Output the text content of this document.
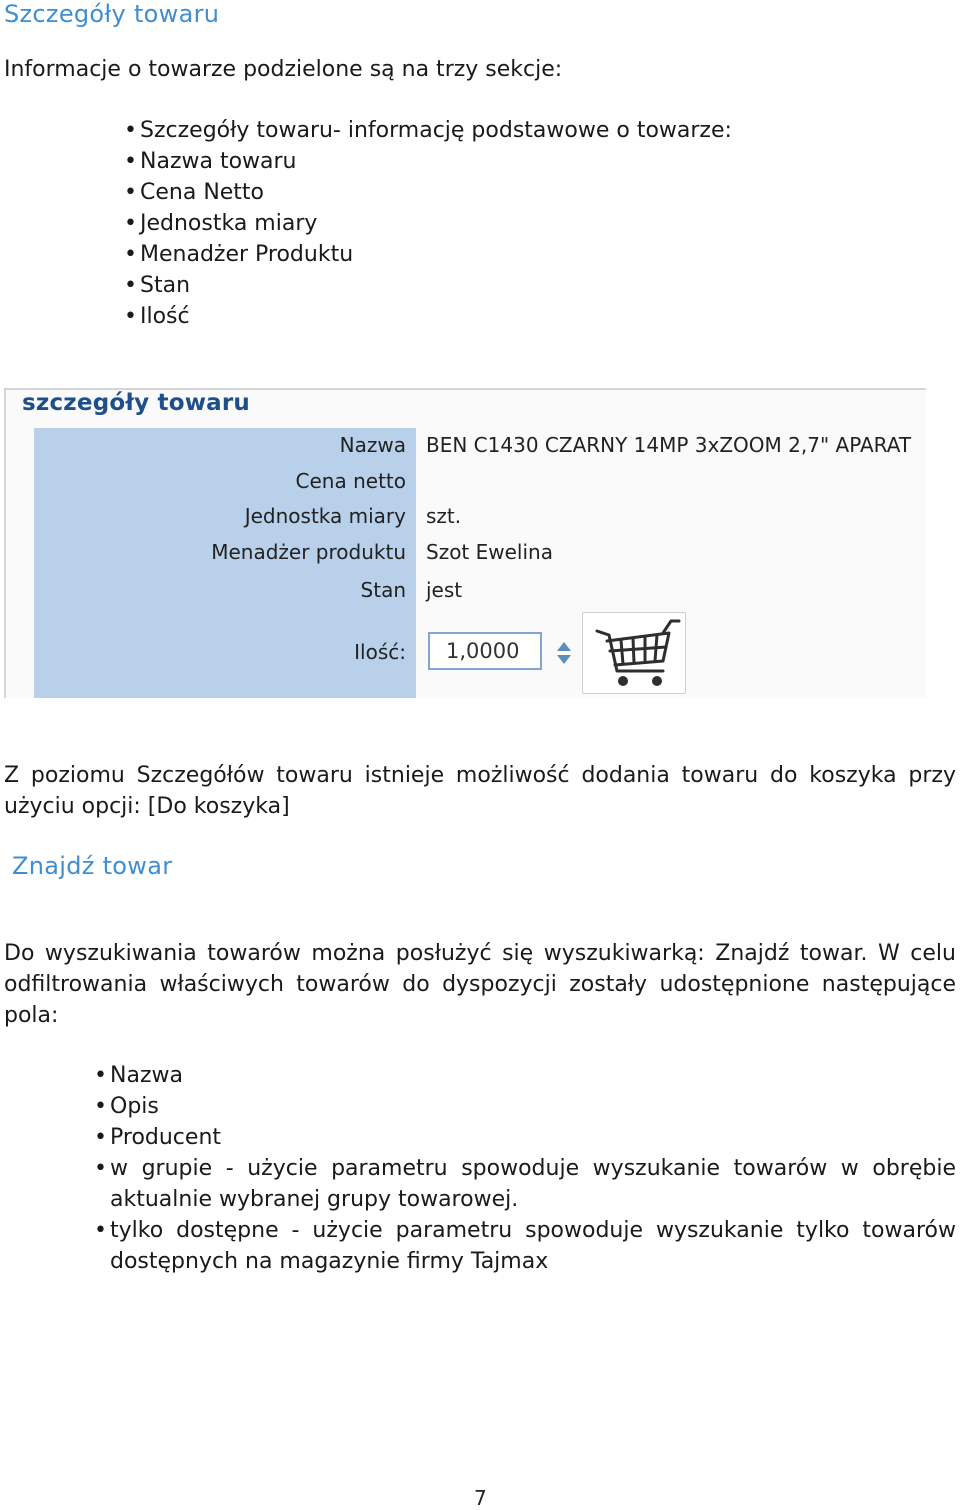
Szczegóły towaru
Informacje o towarze podzielone są na trzy sekcje:
• Szczegóły towaru- informację podstawowe o towarze:
• Nazwa towaru
• Cena Netto
• Jednostka miary
• Menadżer Produktu
• Stan
• Ilość
szczegóły towaru
Nazwa
Cena netto
Jednostka miary
Menadżer produktu
Stan
Ilość:
BEN C1430 CZARNY 14MP 3xZOOM 2,7" APARAT
szt.
Szot Ewelina
jest
1,0000
Z poziomu Szczegółów towaru istnieje możliwość dodania towaru do koszyka przy użyciu opcji: [Do koszyka]
Znajdź towar
Do wyszukiwania towarów można posłużyć się wyszukiwarką: Znajdź towar. W celu odfiltrowania właściwych towarów do dyspozycji zostały udostępnione następujące pola:
• Nazwa
• Opis
• Producent
• w grupie - użycie parametru spowoduje wyszukanie towarów w obrębie aktualnie wybranej grupy towarowej.
• tylko dostępne - użycie parametru spowoduje wyszukanie tylko towarów dostępnych na magazynie firmy Tajmax
7
